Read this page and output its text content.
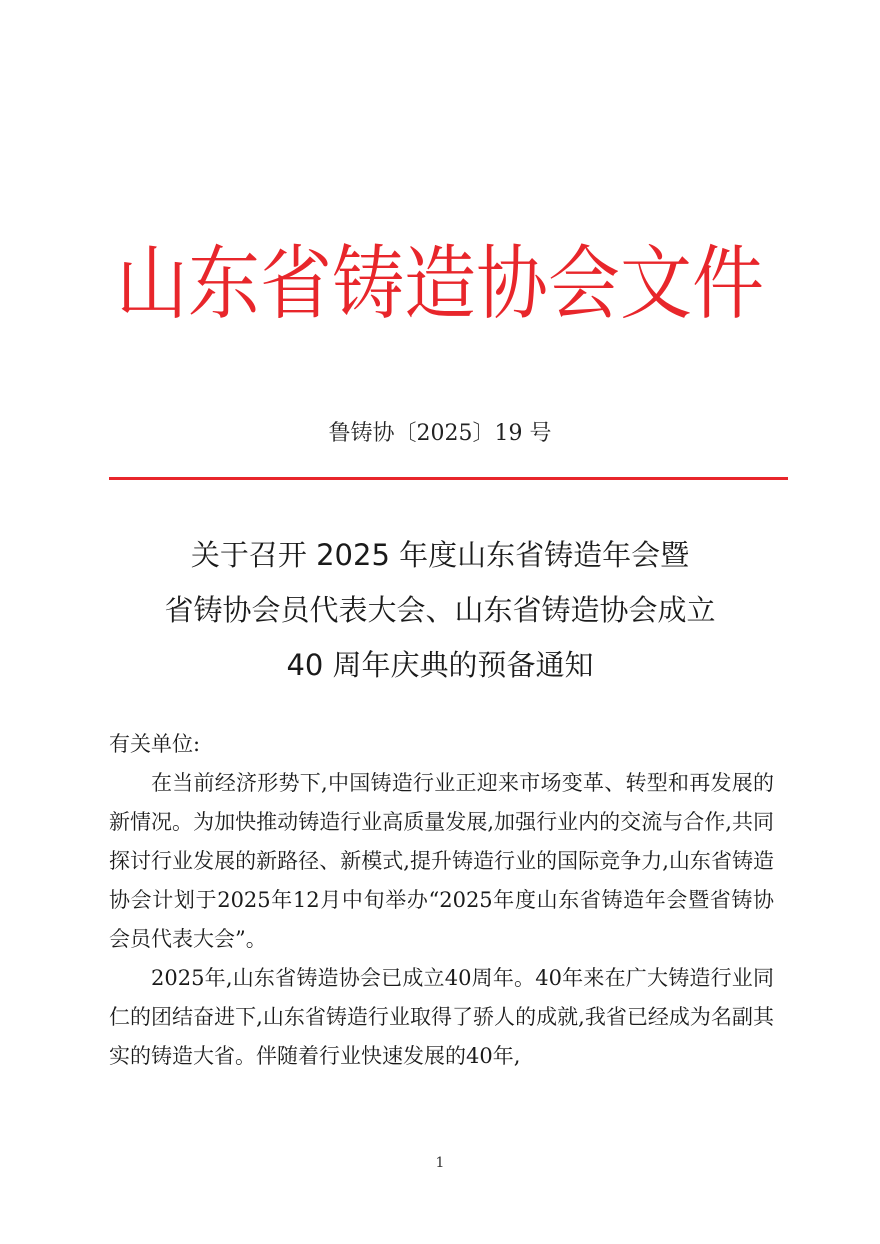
山东省铸造协会文件
鲁铸协〔2025〕19 号
关于召开 2025 年度山东省铸造年会暨
省铸协会员代表大会、山东省铸造协会成立
40 周年庆典的预备通知

有关单位:

在当前经济形势下,中国铸造行业正迎来市场变革、转型和再发展的新情况。为加快推动铸造行业高质量发展,加强行业内的交流与合作,共同探讨行业发展的新路径、新模式,提升铸造行业的国际竞争力,山东省铸造协会计划于2025年12月中旬举办“2025年度山东省铸造年会暨省铸协会员代表大会”。

2025年,山东省铸造协会已成立40周年。40年来在广大铸造行业同仁的团结奋进下,山东省铸造行业取得了骄人的成就,我省已经成为名副其实的铸造大省。伴随着行业快速发展的40年,

1
